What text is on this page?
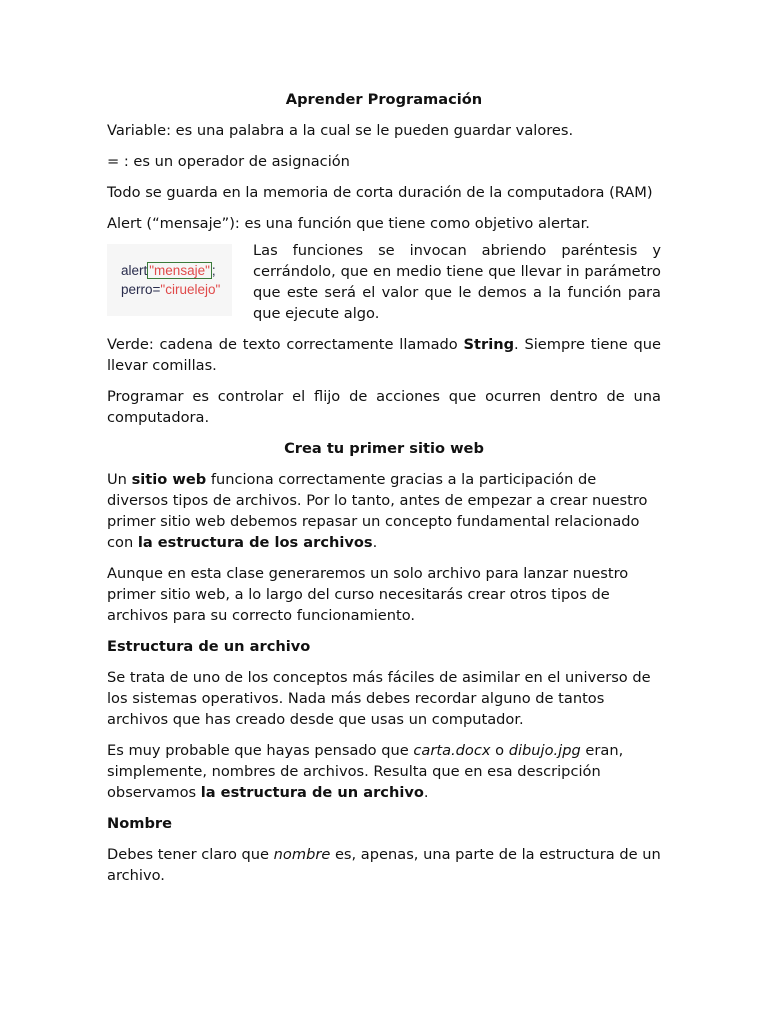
Aprender Programación

Variable: es una palabra a la cual se le pueden guardar valores.

= : es un operador de asignación

Todo se guarda en la memoria de corta duración de la computadora (RAM)

Alert (“mensaje”): es una función que tiene como objetivo alertar.

alert "mensaje" ;
perro="ciruelejo"
Las funciones se invocan abriendo paréntesis y cerrándolo, que en medio tiene que llevar in parámetro que este será el valor que le demos a la función para que ejecute algo.

Verde: cadena de texto correctamente llamado String. Siempre tiene que llevar comillas.

Programar es controlar el flijo de acciones que ocurren dentro de una computadora.

Crea tu primer sitio web

Un sitio web funciona correctamente gracias a la participación de diversos tipos de archivos. Por lo tanto, antes de empezar a crear nuestro primer sitio web debemos repasar un concepto fundamental relacionado con la estructura de los archivos.

Aunque en esta clase generaremos un solo archivo para lanzar nuestro primer sitio web, a lo largo del curso necesitarás crear otros tipos de archivos para su correcto funcionamiento.

Estructura de un archivo

Se trata de uno de los conceptos más fáciles de asimilar en el universo de los sistemas operativos. Nada más debes recordar alguno de tantos archivos que has creado desde que usas un computador.

Es muy probable que hayas pensado que carta.docx o dibujo.jpg eran, simplemente, nombres de archivos. Resulta que en esa descripción observamos la estructura de un archivo.

Nombre

Debes tener claro que nombre es, apenas, una parte de la estructura de un archivo.
